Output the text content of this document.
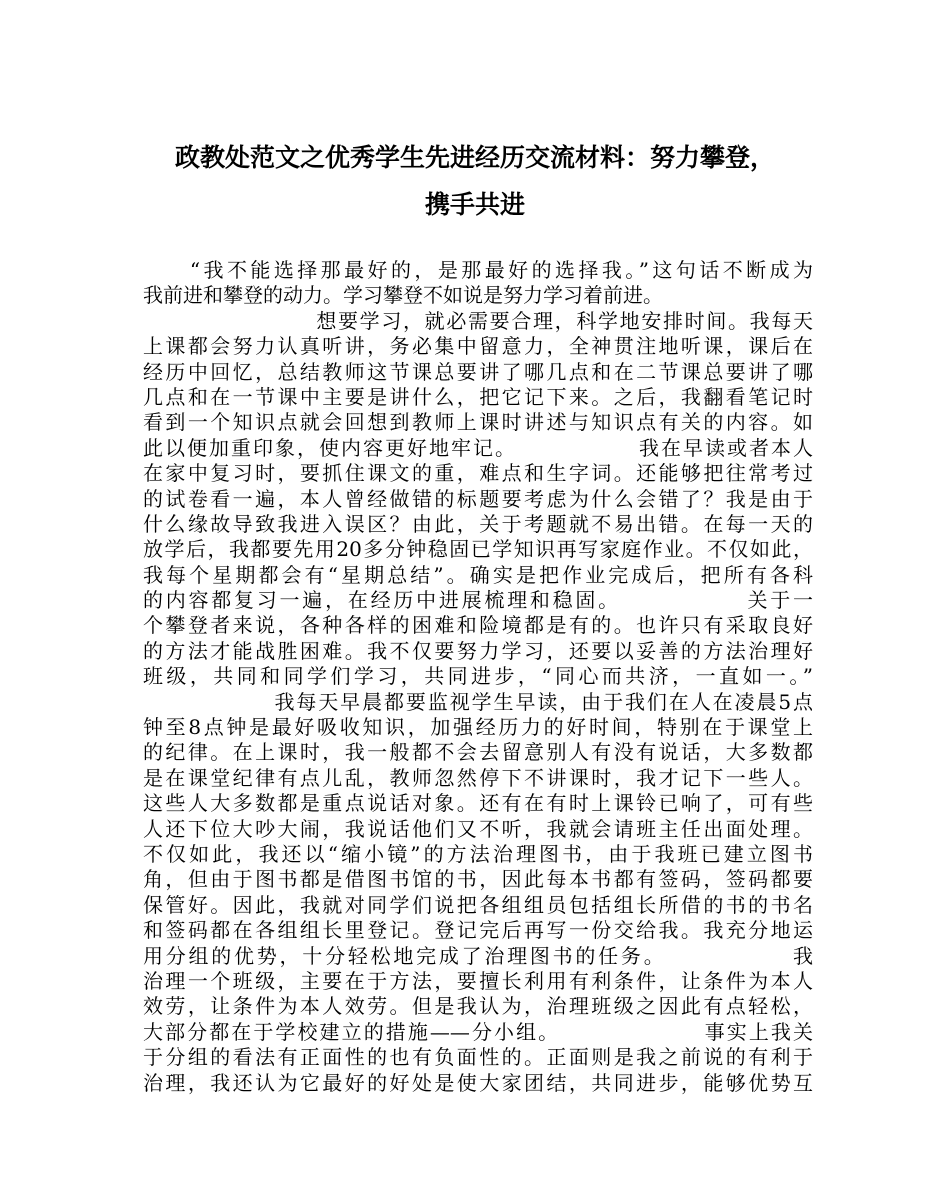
政教处范文之优秀学生先进经历交流材料：努力攀登，
携手共进
　　“我不能选择那最好的，是那最好的选择我。”这句话不断成为
我前进和攀登的动力。学习攀登不如说是努力学习着前进。
　　　　　　　　想要学习，就必需要合理，科学地安排时间。我每天
上课都会努力认真听讲，务必集中留意力，全神贯注地听课，课后在
经历中回忆，总结教师这节课总要讲了哪几点和在二节课总要讲了哪
几点和在一节课中主要是讲什么，把它记下来。之后，我翻看笔记时
看到一个知识点就会回想到教师上课时讲述与知识点有关的内容。如
此以便加重印象，使内容更好地牢记。　　　　　　我在早读或者本人
在家中复习时，要抓住课文的重，难点和生字词。还能够把往常考过
的试卷看一遍，本人曾经做错的标题要考虑为什么会错了？我是由于
什么缘故导致我进入误区？由此，关于考题就不易出错。在每一天的
放学后，我都要先用20多分钟稳固已学知识再写家庭作业。不仅如此，
我每个星期都会有“星期总结”。确实是把作业完成后，把所有各科
的内容都复习一遍，在经历中进展梳理和稳固。　　　　　　关于一
个攀登者来说，各种各样的困难和险境都是有的。也许只有采取良好
的方法才能战胜困难。我不仅要努力学习，还要以妥善的方法治理好
班级，共同和同学们学习，共同进步，“同心而共济，一直如一。”
　　　　　　我每天早晨都要监视学生早读，由于我们在人在凌晨5点
钟至8点钟是最好吸收知识，加强经历力的好时间，特别在于课堂上
的纪律。在上课时，我一般都不会去留意别人有没有说话，大多数都
是在课堂纪律有点儿乱，教师忽然停下不讲课时，我才记下一些人。
这些人大多数都是重点说话对象。还有在有时上课铃已响了，可有些
人还下位大吵大闹，我说话他们又不听，我就会请班主任出面处理。
不仅如此，我还以“缩小镜”的方法治理图书，由于我班已建立图书
角，但由于图书都是借图书馆的书，因此每本书都有签码，签码都要
保管好。因此，我就对同学们说把各组组员包括组长所借的书的书名
和签码都在各组组长里登记。登记完后再写一份交给我。我充分地运
用分组的优势，十分轻松地完成了治理图书的任务。　　　　　　我
治理一个班级，主要在于方法，要擅长利用有利条件，让条件为本人
效劳，让条件为本人效劳。但是我认为，治理班级之因此有点轻松，
大部分都在于学校建立的措施——分小组。　　　　　　　事实上我关
于分组的看法有正面性的也有负面性的。正面则是我之前说的有利于
治理，我还认为它最好的好处是使大家团结，共同进步，能够优势互
